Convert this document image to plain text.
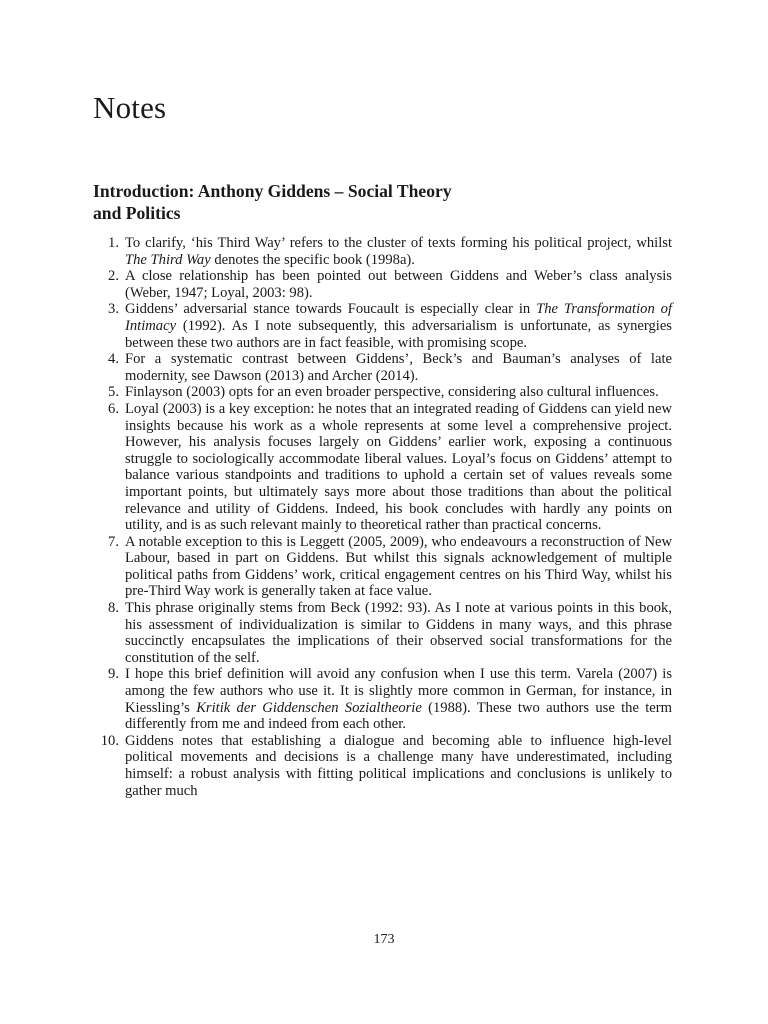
Notes
Introduction: Anthony Giddens – Social Theory
and Politics
1. To clarify, ‘his Third Way’ refers to the cluster of texts forming his political project, whilst The Third Way denotes the specific book (1998a).
2. A close relationship has been pointed out between Giddens and Weber’s class analysis (Weber, 1947; Loyal, 2003: 98).
3. Giddens’ adversarial stance towards Foucault is especially clear in The Transformation of Intimacy (1992). As I note subsequently, this adversarialism is unfortunate, as synergies between these two authors are in fact feasible, with promising scope.
4. For a systematic contrast between Giddens’, Beck’s and Bauman’s analyses of late modernity, see Dawson (2013) and Archer (2014).
5. Finlayson (2003) opts for an even broader perspective, considering also cultural influences.
6. Loyal (2003) is a key exception: he notes that an integrated reading of Giddens can yield new insights because his work as a whole represents at some level a comprehensive project. However, his analysis focuses largely on Giddens’ earlier work, exposing a continuous struggle to sociologically accommodate liberal values. Loyal’s focus on Giddens’ attempt to balance various standpoints and traditions to uphold a certain set of values reveals some important points, but ultimately says more about those traditions than about the political relevance and utility of Giddens. Indeed, his book concludes with hardly any points on utility, and is as such relevant mainly to theoretical rather than practical concerns.
7. A notable exception to this is Leggett (2005, 2009), who endeavours a reconstruction of New Labour, based in part on Giddens. But whilst this signals acknowledgement of multiple political paths from Giddens’ work, critical engagement centres on his Third Way, whilst his pre-Third Way work is generally taken at face value.
8. This phrase originally stems from Beck (1992: 93). As I note at various points in this book, his assessment of individualization is similar to Giddens in many ways, and this phrase succinctly encapsulates the implications of their observed social transformations for the constitution of the self.
9. I hope this brief definition will avoid any confusion when I use this term. Varela (2007) is among the few authors who use it. It is slightly more common in German, for instance, in Kiessling’s Kritik der Giddenschen Sozialtheorie (1988). These two authors use the term differently from me and indeed from each other.
10. Giddens notes that establishing a dialogue and becoming able to influence high-level political movements and decisions is a challenge many have underestimated, including himself: a robust analysis with fitting political implications and conclusions is unlikely to gather much
173
